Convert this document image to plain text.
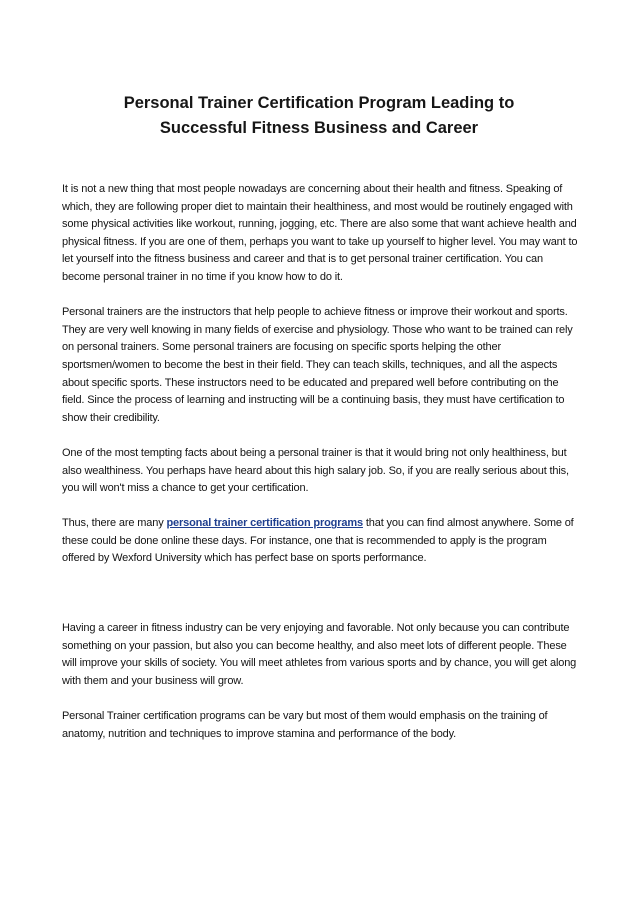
Personal Trainer Certification Program Leading to
Successful Fitness Business and Career

It is not a new thing that most people nowadays are concerning about their health and fitness. Speaking of which, they are following proper diet to maintain their healthiness, and most would be routinely engaged with some physical activities like workout, running, jogging, etc. There are also some that want achieve health and physical fitness. If you are one of them, perhaps you want to take up yourself to higher level. You may want to let yourself into the fitness business and career and that is to get personal trainer certification. You can become personal trainer in no time if you know how to do it.

Personal trainers are the instructors that help people to achieve fitness or improve their workout and sports. They are very well knowing in many fields of exercise and physiology. Those who want to be trained can rely on personal trainers. Some personal trainers are focusing on specific sports helping the other sportsmen/women to become the best in their field. They can teach skills, techniques, and all the aspects about specific sports. These instructors need to be educated and prepared well before contributing on the field. Since the process of learning and instructing will be a continuing basis, they must have certification to show their credibility.

One of the most tempting facts about being a personal trainer is that it would bring not only healthiness, but also wealthiness. You perhaps have heard about this high salary job. So, if you are really serious about this, you will won't miss a chance to get your certification.

Thus, there are many personal trainer certification programs that you can find almost anywhere. Some of these could be done online these days. For instance, one that is recommended to apply is the program offered by Wexford University which has perfect base on sports performance.

Having a career in fitness industry can be very enjoying and favorable. Not only because you can contribute something on your passion, but also you can become healthy, and also meet lots of different people. These will improve your skills of society. You will meet athletes from various sports and by chance, you will get along with them and your business will grow.

Personal Trainer certification programs can be vary but most of them would emphasis on the training of anatomy, nutrition and techniques to improve stamina and performance of the body.
